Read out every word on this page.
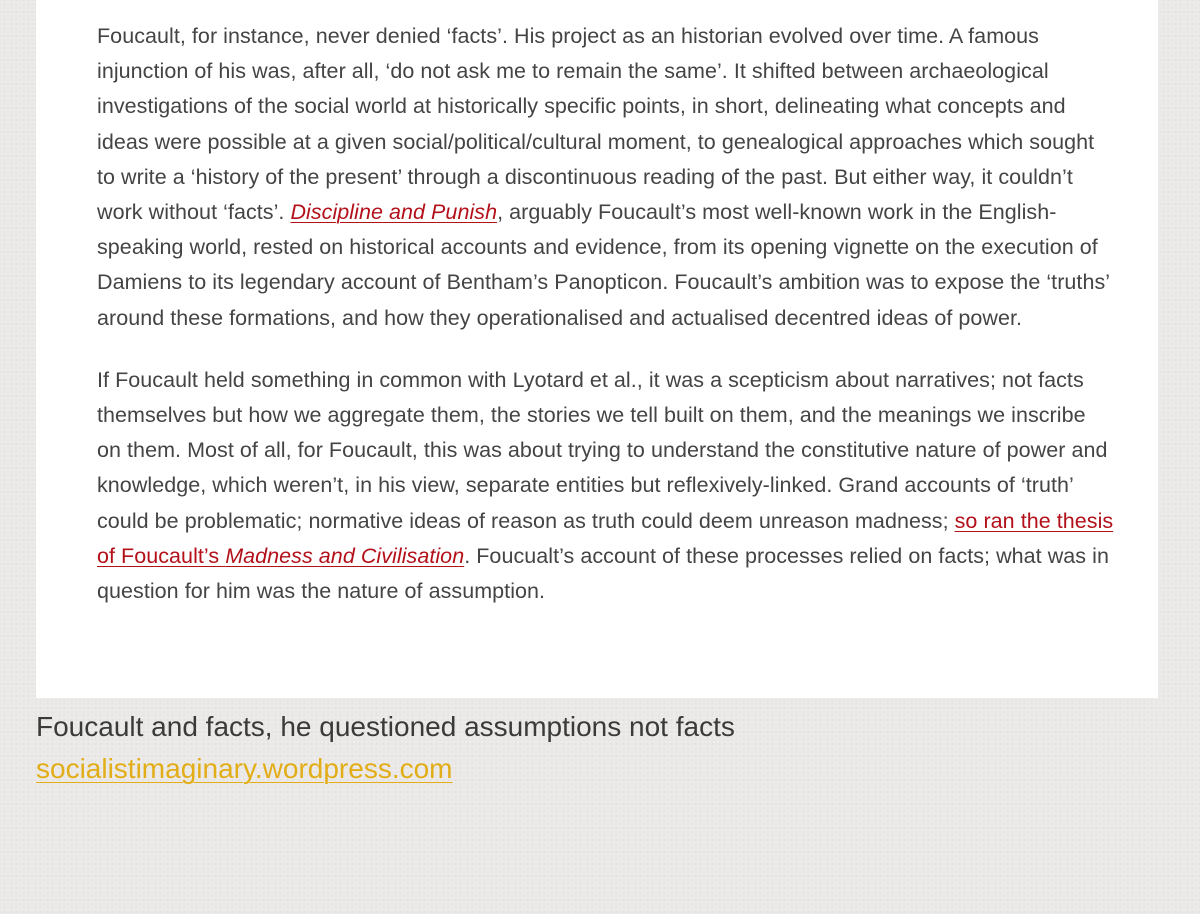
Foucault, for instance, never denied ‘facts’. His project as an historian evolved over time. A famous injunction of his was, after all, ‘do not ask me to remain the same’. It shifted between archaeological investigations of the social world at historically specific points, in short, delineating what concepts and ideas were possible at a given social/political/cultural moment, to genealogical approaches which sought to write a ‘history of the present’ through a discontinuous reading of the past. But either way, it couldn’t work without ‘facts’. Discipline and Punish, arguably Foucault’s most well-known work in the English-speaking world, rested on historical accounts and evidence, from its opening vignette on the execution of Damiens to its legendary account of Bentham’s Panopticon. Foucault’s ambition was to expose the ‘truths’ around these formations, and how they operationalised and actualised decentred ideas of power.

If Foucault held something in common with Lyotard et al., it was a scepticism about narratives; not facts themselves but how we aggregate them, the stories we tell built on them, and the meanings we inscribe on them. Most of all, for Foucault, this was about trying to understand the constitutive nature of power and knowledge, which weren’t, in his view, separate entities but reflexively-linked. Grand accounts of ‘truth’ could be problematic; normative ideas of reason as truth could deem unreason madness; so ran the thesis of Foucault’s Madness and Civilisation. Foucualt’s account of these processes relied on facts; what was in question for him was the nature of assumption.

Foucault and facts, he questioned assumptions not facts
socialistimaginary.wordpress.com
